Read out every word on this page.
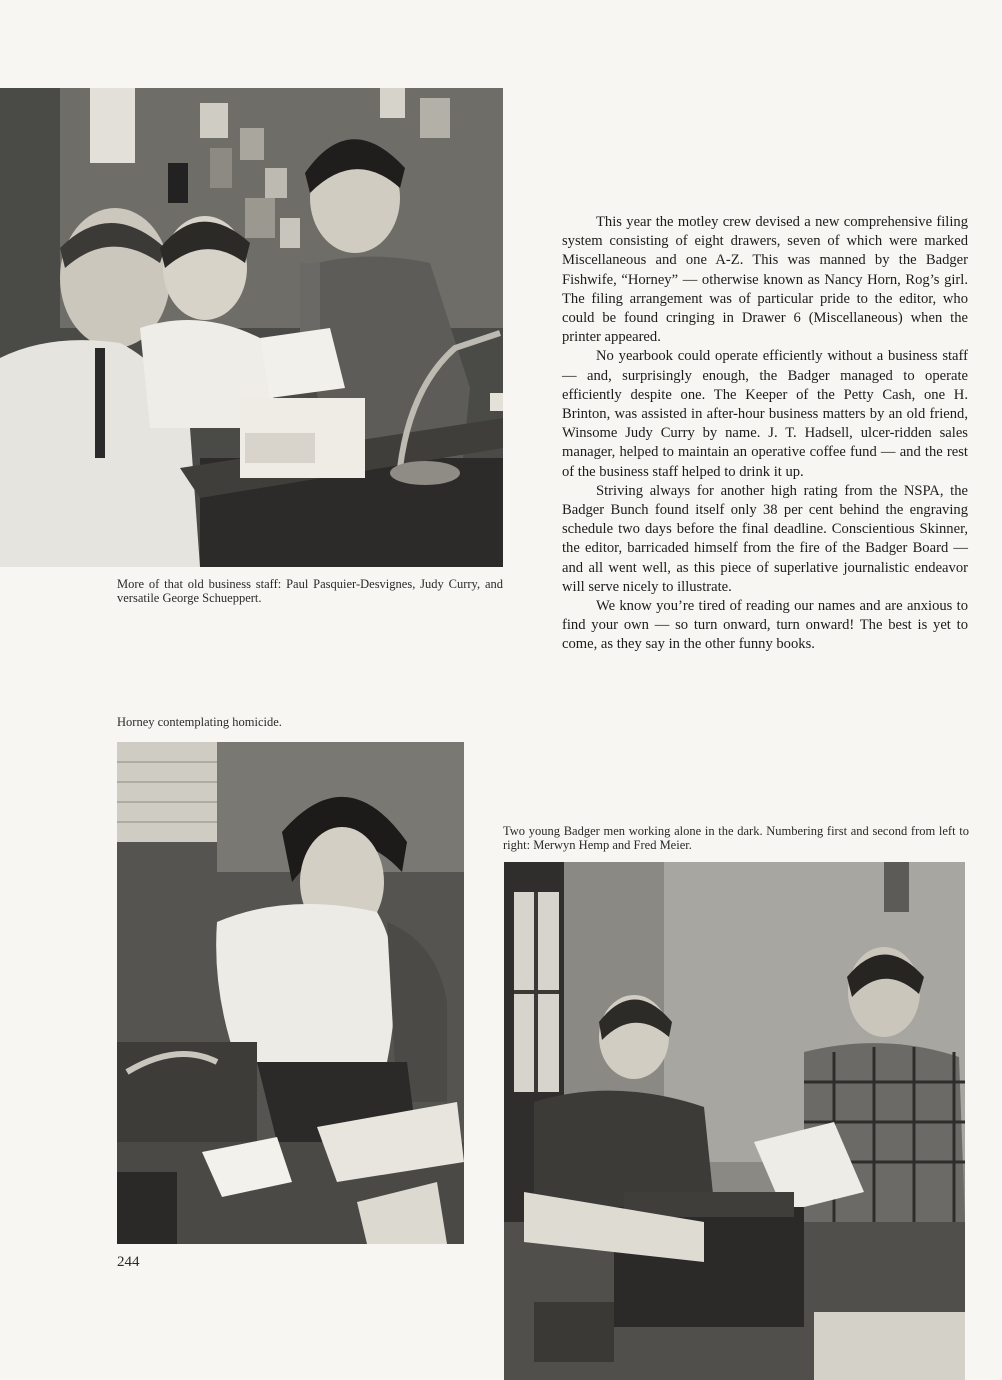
More of that old business staff: Paul Pasquier-Desvignes, Judy Curry, and versatile George Schueppert.

This year the motley crew devised a new comprehensive filing system consisting of eight drawers, seven of which were marked Miscellaneous and one A-Z. This was manned by the Badger Fishwife, “Horney” — otherwise known as Nancy Horn, Rog’s girl. The filing arrangement was of particular pride to the editor, who could be found cringing in Drawer 6 (Miscellaneous) when the printer appeared.

No yearbook could operate efficiently without a business staff — and, surprisingly enough, the Badger managed to operate efficiently despite one. The Keeper of the Petty Cash, one H. Brinton, was assisted in after-hour business matters by an old friend, Winsome Judy Curry by name. J. T. Hadsell, ulcer-ridden sales manager, helped to maintain an operative coffee fund — and the rest of the business staff helped to drink it up.

Striving always for another high rating from the NSPA, the Badger Bunch found itself only 38 per cent behind the engraving schedule two days before the final deadline. Conscientious Skinner, the editor, barricaded himself from the fire of the Badger Board — and all went well, as this piece of superlative journalistic endeavor will serve nicely to illustrate.

We know you’re tired of reading our names and are anxious to find your own — so turn onward, turn onward! The best is yet to come, as they say in the other funny books.

Horney contemplating homicide.

Two young Badger men working alone in the dark. Numbering first and second from left to right: Merwyn Hemp and Fred Meier.

244
